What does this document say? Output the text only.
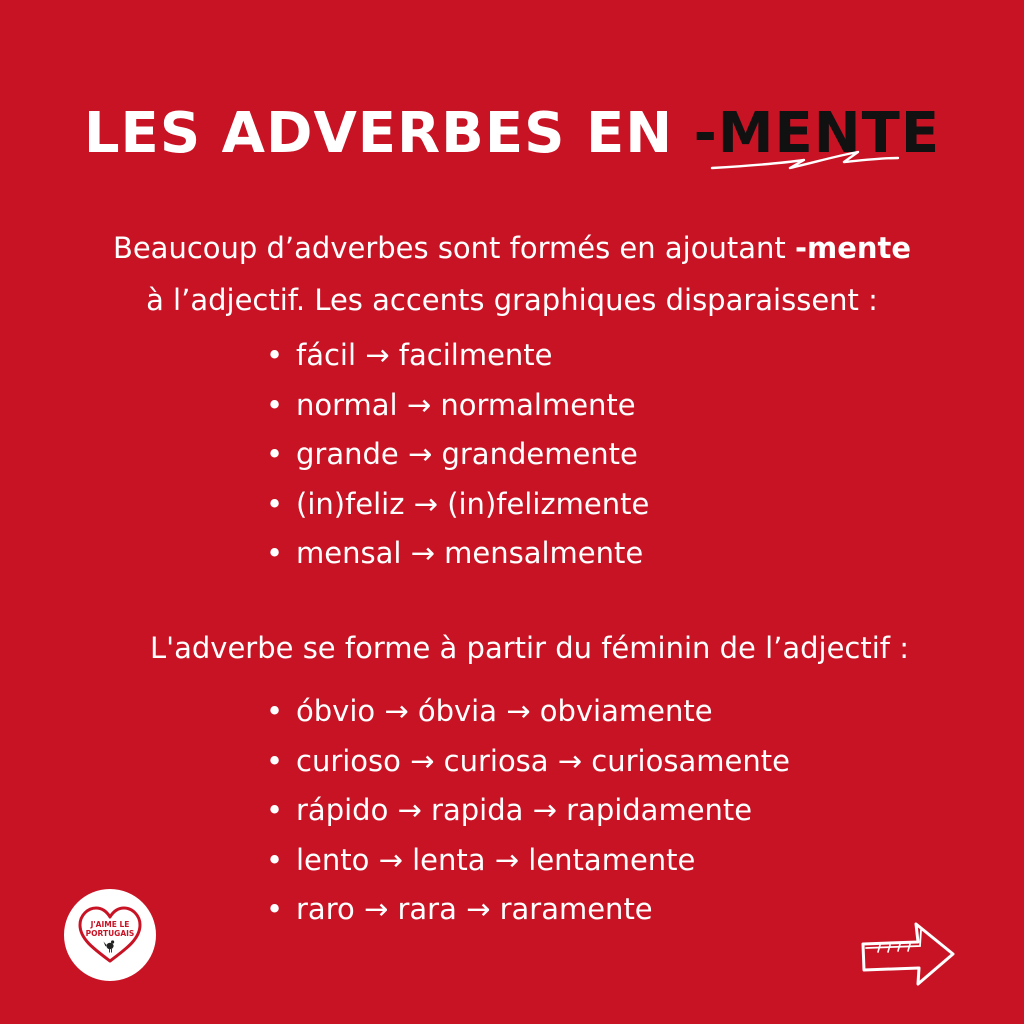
LES ADVERBES EN -MENTE
Beaucoup d’adverbes sont formés en ajoutant -mente
à l’adjectif. Les accents graphiques disparaissent :
• fácil → facilmente
• normal → normalmente
• grande → grandemente
• (in)feliz → (in)felizmente
• mensal → mensalmente
L'adverbe se forme à partir du féminin de l’adjectif :
• óbvio → óbvia → obviamente
• curioso → curiosa → curiosamente
• rápido → rapida → rapidamente
• lento → lenta → lentamente
• raro → rara → raramente
J'AIME LE
PORTUGAIS
